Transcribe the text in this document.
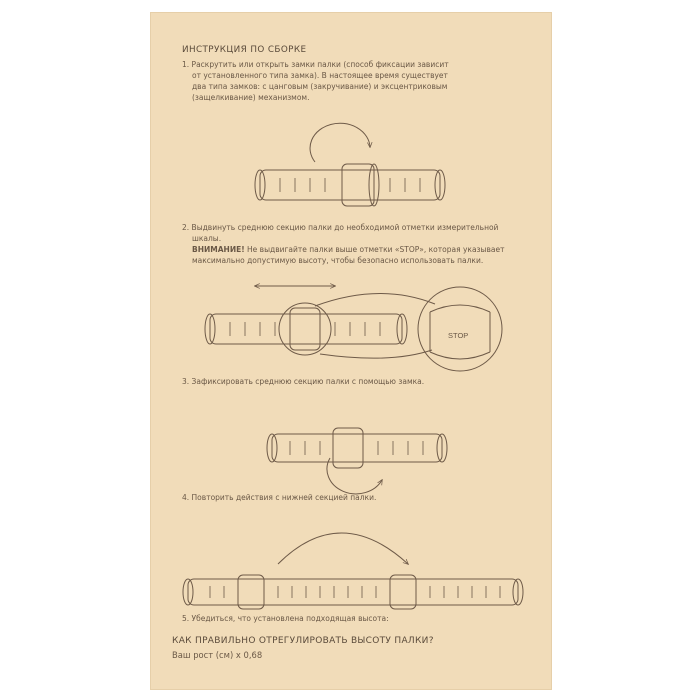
ИНСТРУКЦИЯ ПО СБОРКЕ
1. Раскрутить или открыть замки палки (способ фиксации зависит
от установленного типа замка). В настоящее время существует
два типа замков: с цанговым (закручивание) и эксцентриковым
(защелкивание) механизмом.
2. Выдвинуть среднюю секцию палки до необходимой отметки измерительной
шкалы.
ВНИМАНИЕ! Не выдвигайте палки выше отметки «STOP», которая указывает
максимально допустимую высоту, чтобы безопасно использовать палки.
3. Зафиксировать среднюю секцию палки с помощью замка.
4. Повторить действия с нижней секцией палки.
5. Убедиться, что установлена подходящая высота:
КАК ПРАВИЛЬНО ОТРЕГУЛИРОВАТЬ ВЫСОТУ ПАЛКИ?
Ваш рост (см) х 0,68
STOP
